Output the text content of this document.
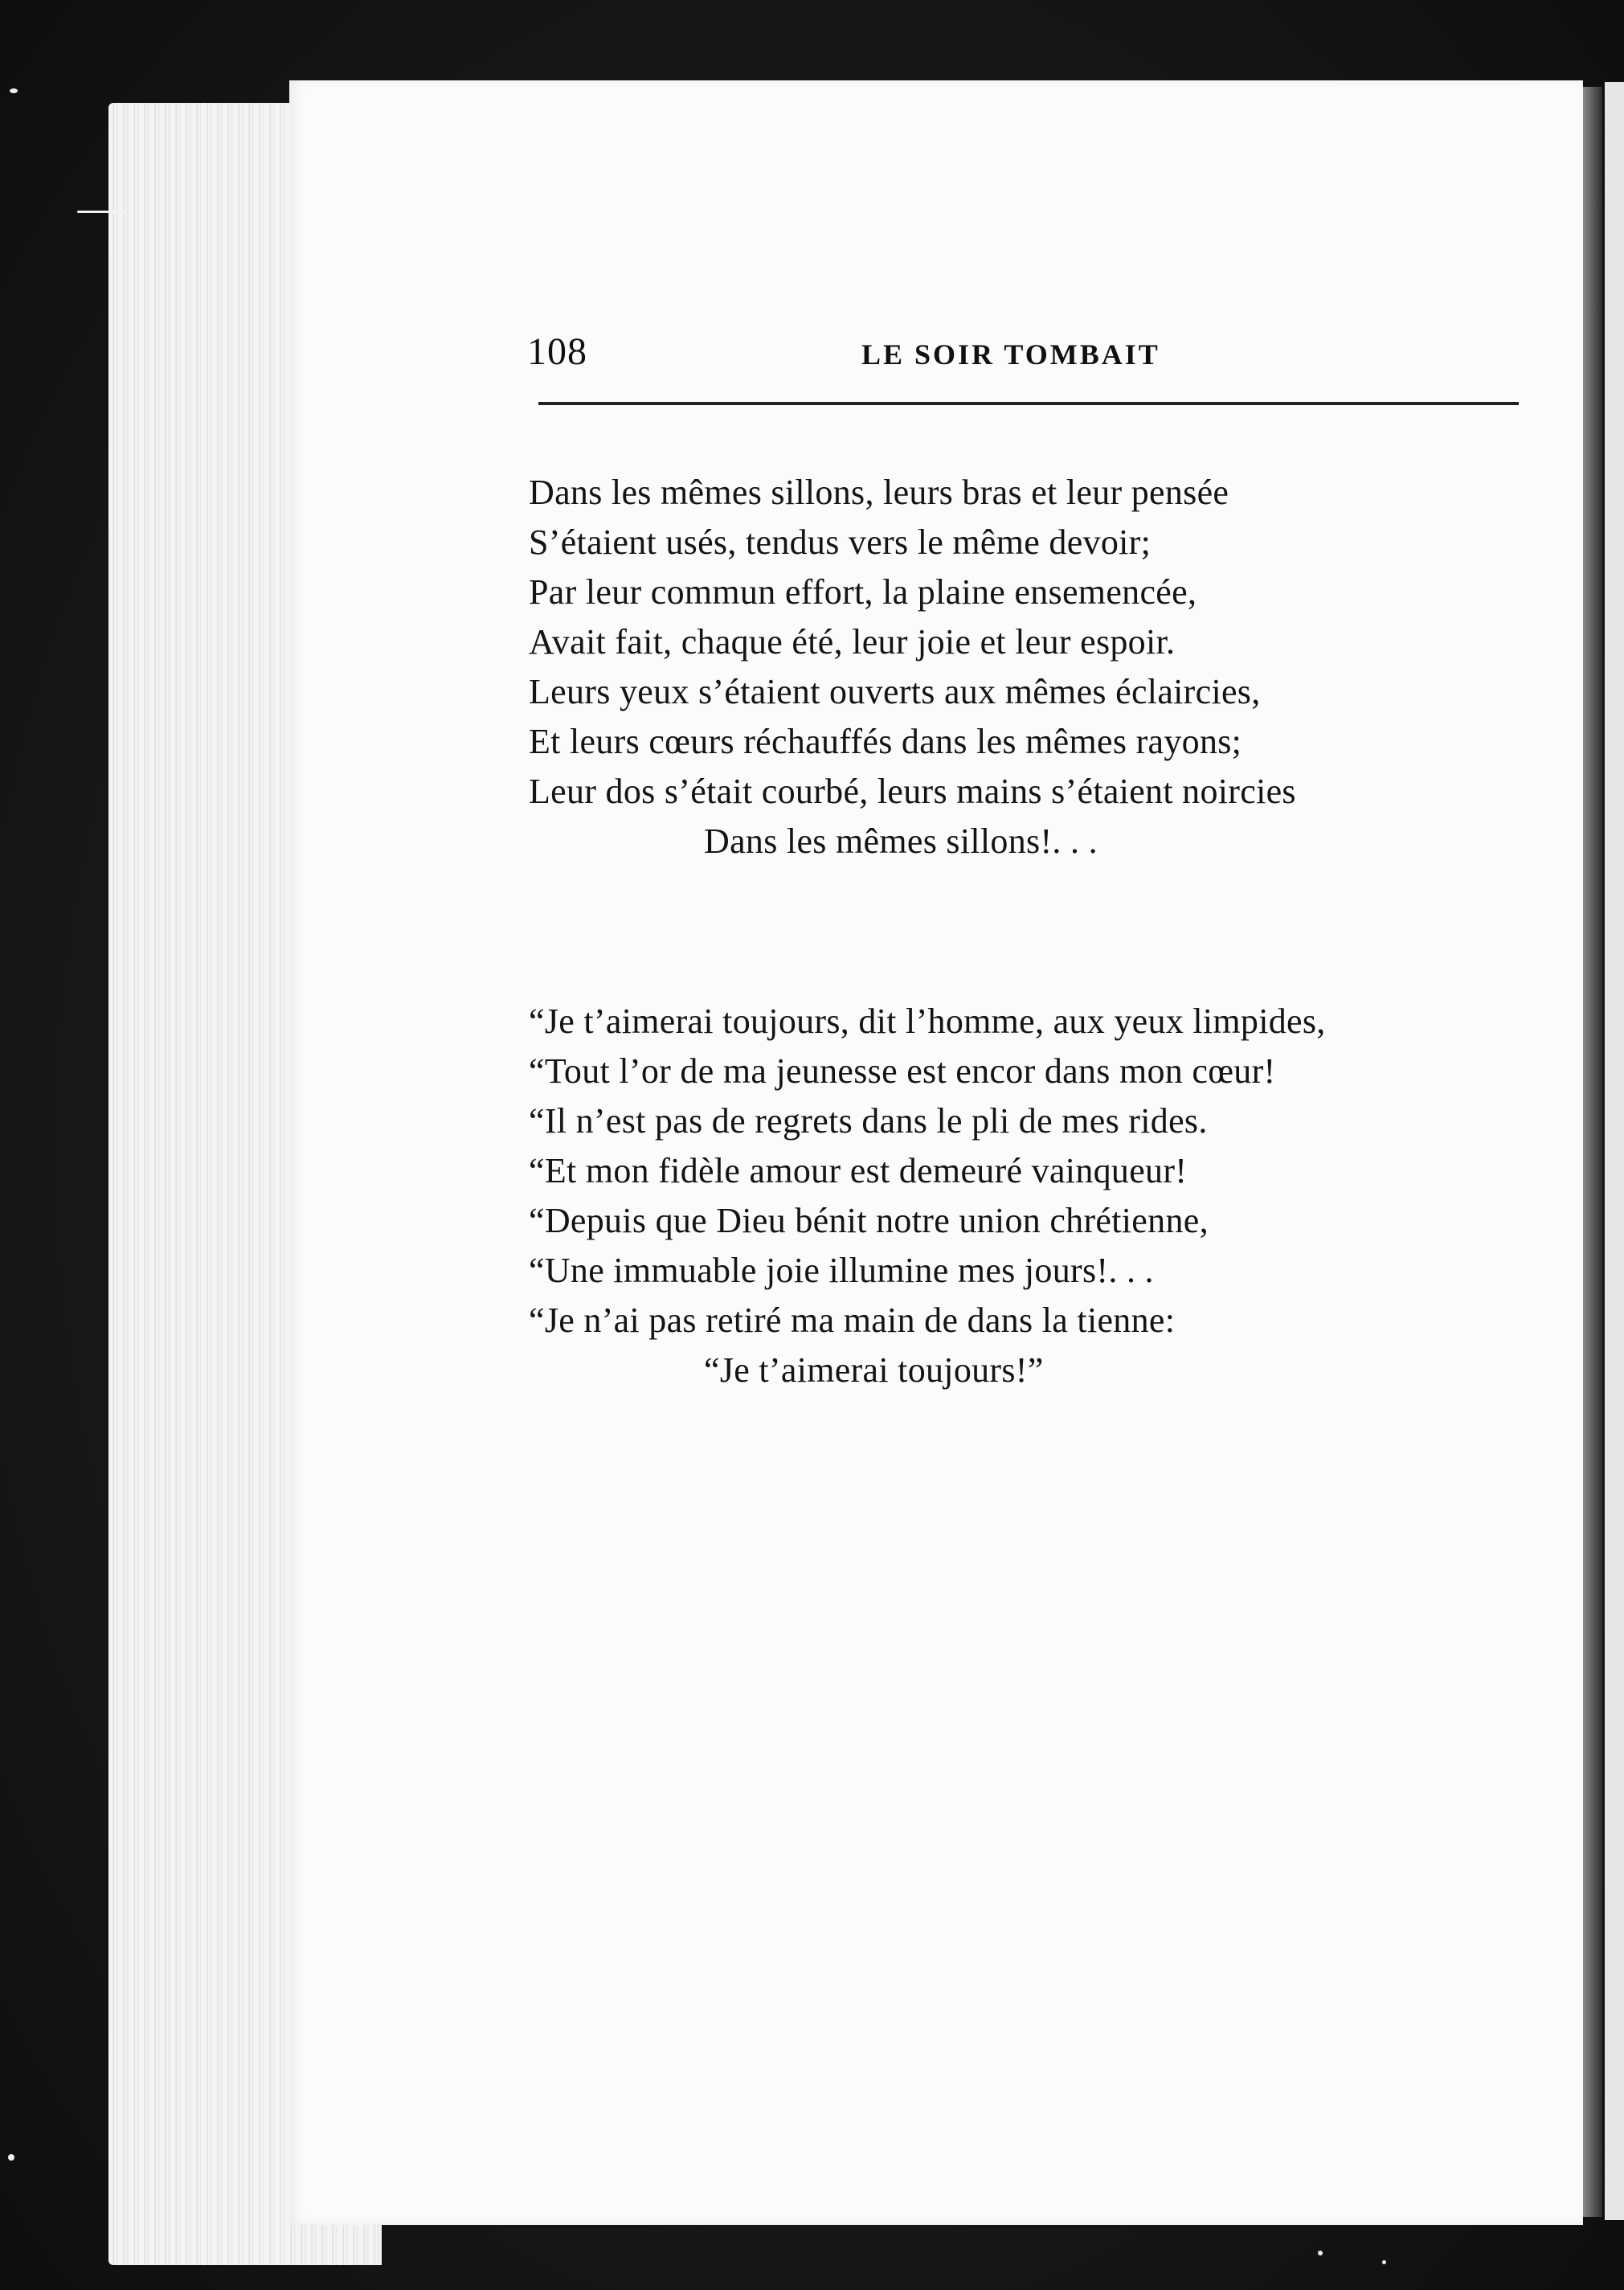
108	LE SOIR TOMBAIT
Dans les mêmes sillons, leurs bras et leur pensée
S’étaient usés, tendus vers le même devoir;
Par leur commun effort, la plaine ensemencée,
Avait fait, chaque été, leur joie et leur espoir.
Leurs yeux s’étaient ouverts aux mêmes éclaircies,
Et leurs cœurs réchauffés dans les mêmes rayons;
Leur dos s’était courbé, leurs mains s’étaient noircies
Dans les mêmes sillons!. . .
“Je t’aimerai toujours, dit l’homme, aux yeux limpides,
“Tout l’or de ma jeunesse est encor dans mon cœur!
“Il n’est pas de regrets dans le pli de mes rides.
“Et mon fidèle amour est demeuré vainqueur!
“Depuis que Dieu bénit notre union chrétienne,
“Une immuable joie illumine mes jours!. . .
“Je n’ai pas retiré ma main de dans la tienne:
“Je t’aimerai toujours!”
